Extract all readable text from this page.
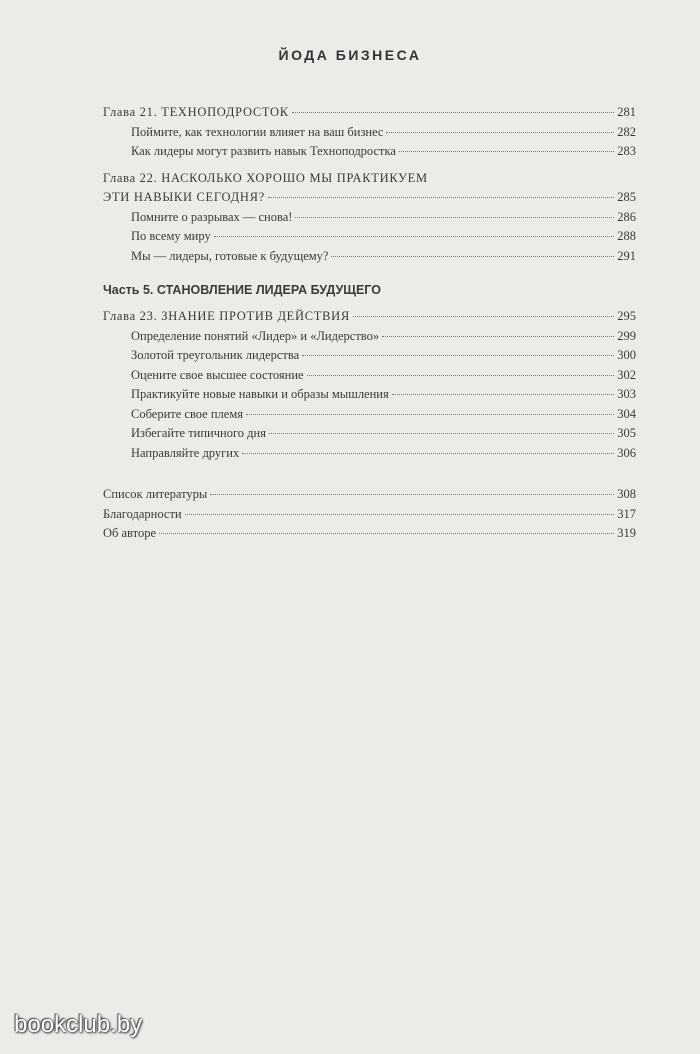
ЙОДА БИЗНЕСА
Глава 21. ТЕХНОПОДРОСТОК	281
Поймите, как технологии влияет на ваш бизнес	282
Как лидеры могут развить навык Техноподростка	283
Глава 22. НАСКОЛЬКО ХОРОШО МЫ ПРАКТИКУЕМ
ЭТИ НАВЫКИ СЕГОДНЯ?	285
Помните о разрывах — снова!	286
По всему миру	288
Мы — лидеры, готовые к будущему?	291
Часть 5. СТАНОВЛЕНИЕ ЛИДЕРА БУДУЩЕГО
Глава 23. ЗНАНИЕ ПРОТИВ ДЕЙСТВИЯ	295
Определение понятий «Лидер» и «Лидерство»	299
Золотой треугольник лидерства	300
Оцените свое высшее состояние	302
Практикуйте новые навыки и образы мышления	303
Соберите свое племя	304
Избегайте типичного дня	305
Направляйте других	306
Список литературы	308
Благодарности	317
Об авторе	319
bookclub.by
